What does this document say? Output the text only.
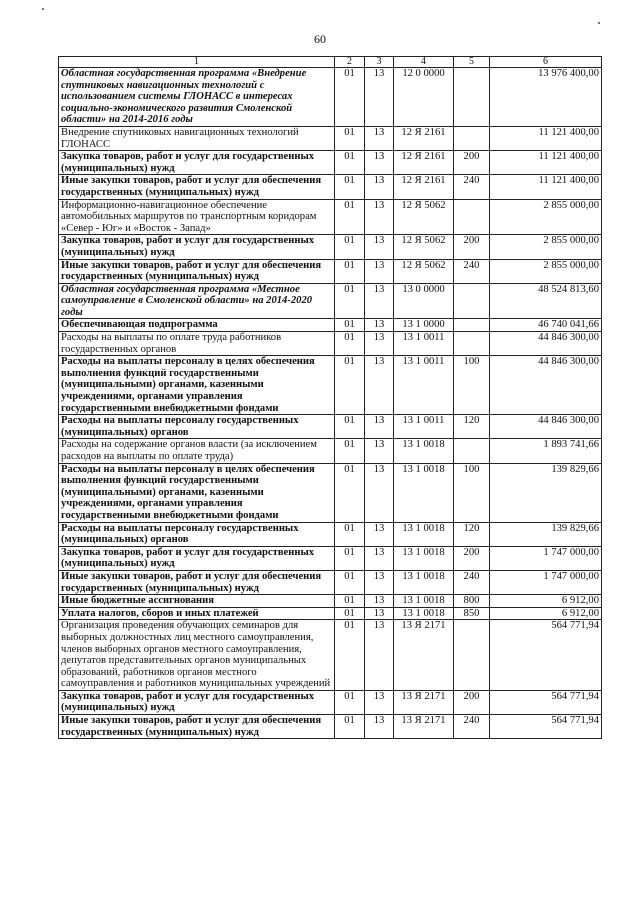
60
1	2	3	4	5	6
Областная государственная программа «Внедрение спутниковых навигационных технологий с использованием системы ГЛОНАСС в интересах социально-экономического развития Смоленской области» на 2014-2016 годы	01	13	12 0 0000		13 976 400,00
Внедрение спутниковых навигационных технологий ГЛОНАСС	01	13	12 Я 2161		11 121 400,00
Закупка товаров, работ и услуг для государственных (муниципальных) нужд	01	13	12 Я 2161	200	11 121 400,00
Иные закупки товаров, работ и услуг для обеспечения государственных (муниципальных) нужд	01	13	12 Я 2161	240	11 121 400,00
Информационно-навигационное обеспечение автомобильных маршрутов по транспортным коридорам «Север - Юг» и «Восток - Запад»	01	13	12 Я 5062		2 855 000,00
Закупка товаров, работ и услуг для государственных (муниципальных) нужд	01	13	12 Я 5062	200	2 855 000,00
Иные закупки товаров, работ и услуг для обеспечения государственных (муниципальных) нужд	01	13	12 Я 5062	240	2 855 000,00
Областная государственная программа «Местное самоуправление в Смоленской области» на 2014-2020 годы	01	13	13 0 0000		48 524 813,60
Обеспечивающая подпрограмма	01	13	13 1 0000		46 740 041,66
Расходы на выплаты по оплате труда работников государственных органов	01	13	13 1 0011		44 846 300,00
Расходы на выплаты персоналу в целях обеспечения выполнения функций государственными (муниципальными) органами, казенными учреждениями, органами управления государственными внебюджетными фондами	01	13	13 1 0011	100	44 846 300,00
Расходы на выплаты персоналу государственных (муниципальных) органов	01	13	13 1 0011	120	44 846 300,00
Расходы на содержание органов власти (за исключением расходов на выплаты по оплате труда)	01	13	13 1 0018		1 893 741,66
Расходы на выплаты персоналу в целях обеспечения выполнения функций государственными (муниципальными) органами, казенными учреждениями, органами управления государственными внебюджетными фондами	01	13	13 1 0018	100	139 829,66
Расходы на выплаты персоналу государственных (муниципальных) органов	01	13	13 1 0018	120	139 829,66
Закупка товаров, работ и услуг для государственных (муниципальных) нужд	01	13	13 1 0018	200	1 747 000,00
Иные закупки товаров, работ и услуг для обеспечения государственных (муниципальных) нужд	01	13	13 1 0018	240	1 747 000,00
Иные бюджетные ассигнования	01	13	13 1 0018	800	6 912,00
Уплата налогов, сборов и иных платежей	01	13	13 1 0018	850	6 912,00
Организация проведения обучающих семинаров для выборных должностных лиц местного самоуправления, членов выборных органов местного самоуправления, депутатов представительных органов муниципальных образований, работников органов местного самоуправления и работников муниципальных учреждений	01	13	13 Я 2171		564 771,94
Закупка товаров, работ и услуг для государственных (муниципальных) нужд	01	13	13 Я 2171	200	564 771,94
Иные закупки товаров, работ и услуг для обеспечения государственных (муниципальных) нужд	01	13	13 Я 2171	240	564 771,94
